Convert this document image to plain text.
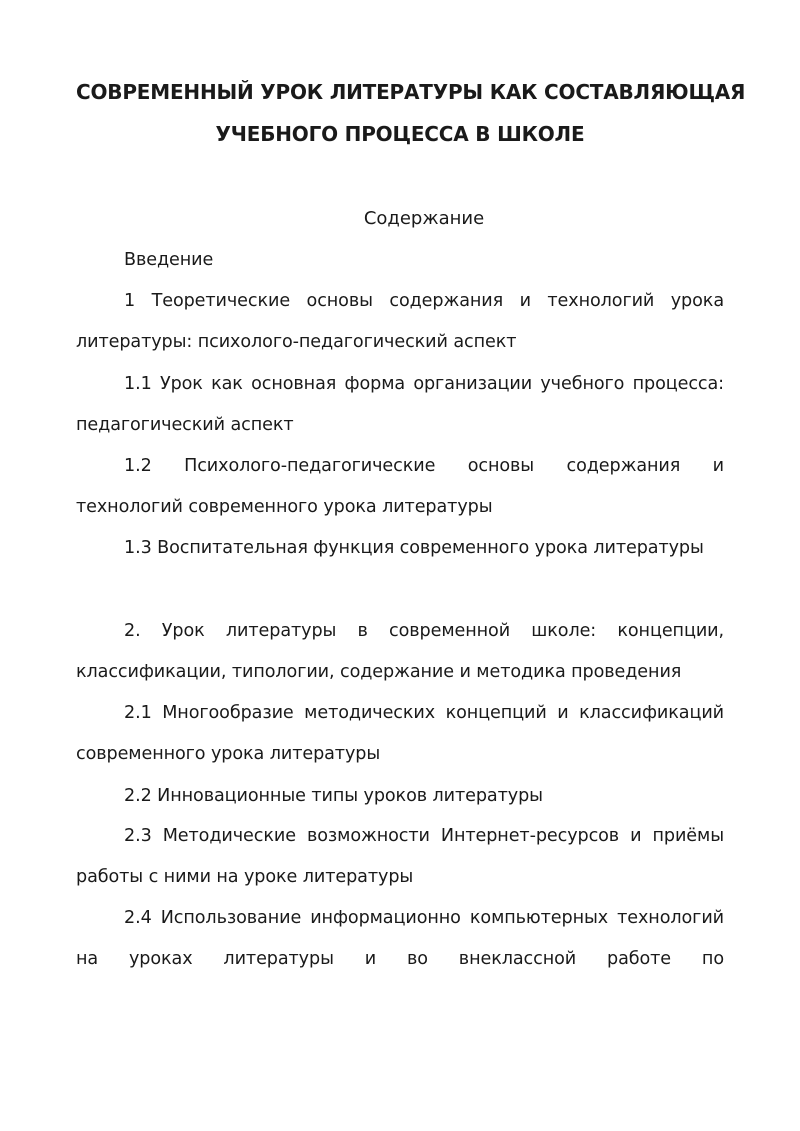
СОВРЕМЕННЫЙ УРОК ЛИТЕРАТУРЫ КАК СОСТАВЛЯЮЩАЯ
УЧЕБНОГО ПРОЦЕССА В ШКОЛЕ
Содержание
Введение
1 Теоретические основы содержания и технологий урока литературы: психолого-педагогический аспект
1.1 Урок как основная форма организации учебного процесса: педагогический аспект
1.2 Психолого-педагогические основы содержания и технологий современного урока литературы
1.3 Воспитательная функция современного урока литературы
2. Урок литературы в современной школе: концепции, классификации, типологии, содержание и методика проведения
2.1 Многообразие методических концепций и классификаций современного урока литературы
2.2 Инновационные типы уроков литературы
2.3 Методические возможности Интернет-ресурсов и приёмы работы с ними на уроке литературы
2.4 Использование информационно компьютерных технологий на уроках литературы и во внеклассной работе по
